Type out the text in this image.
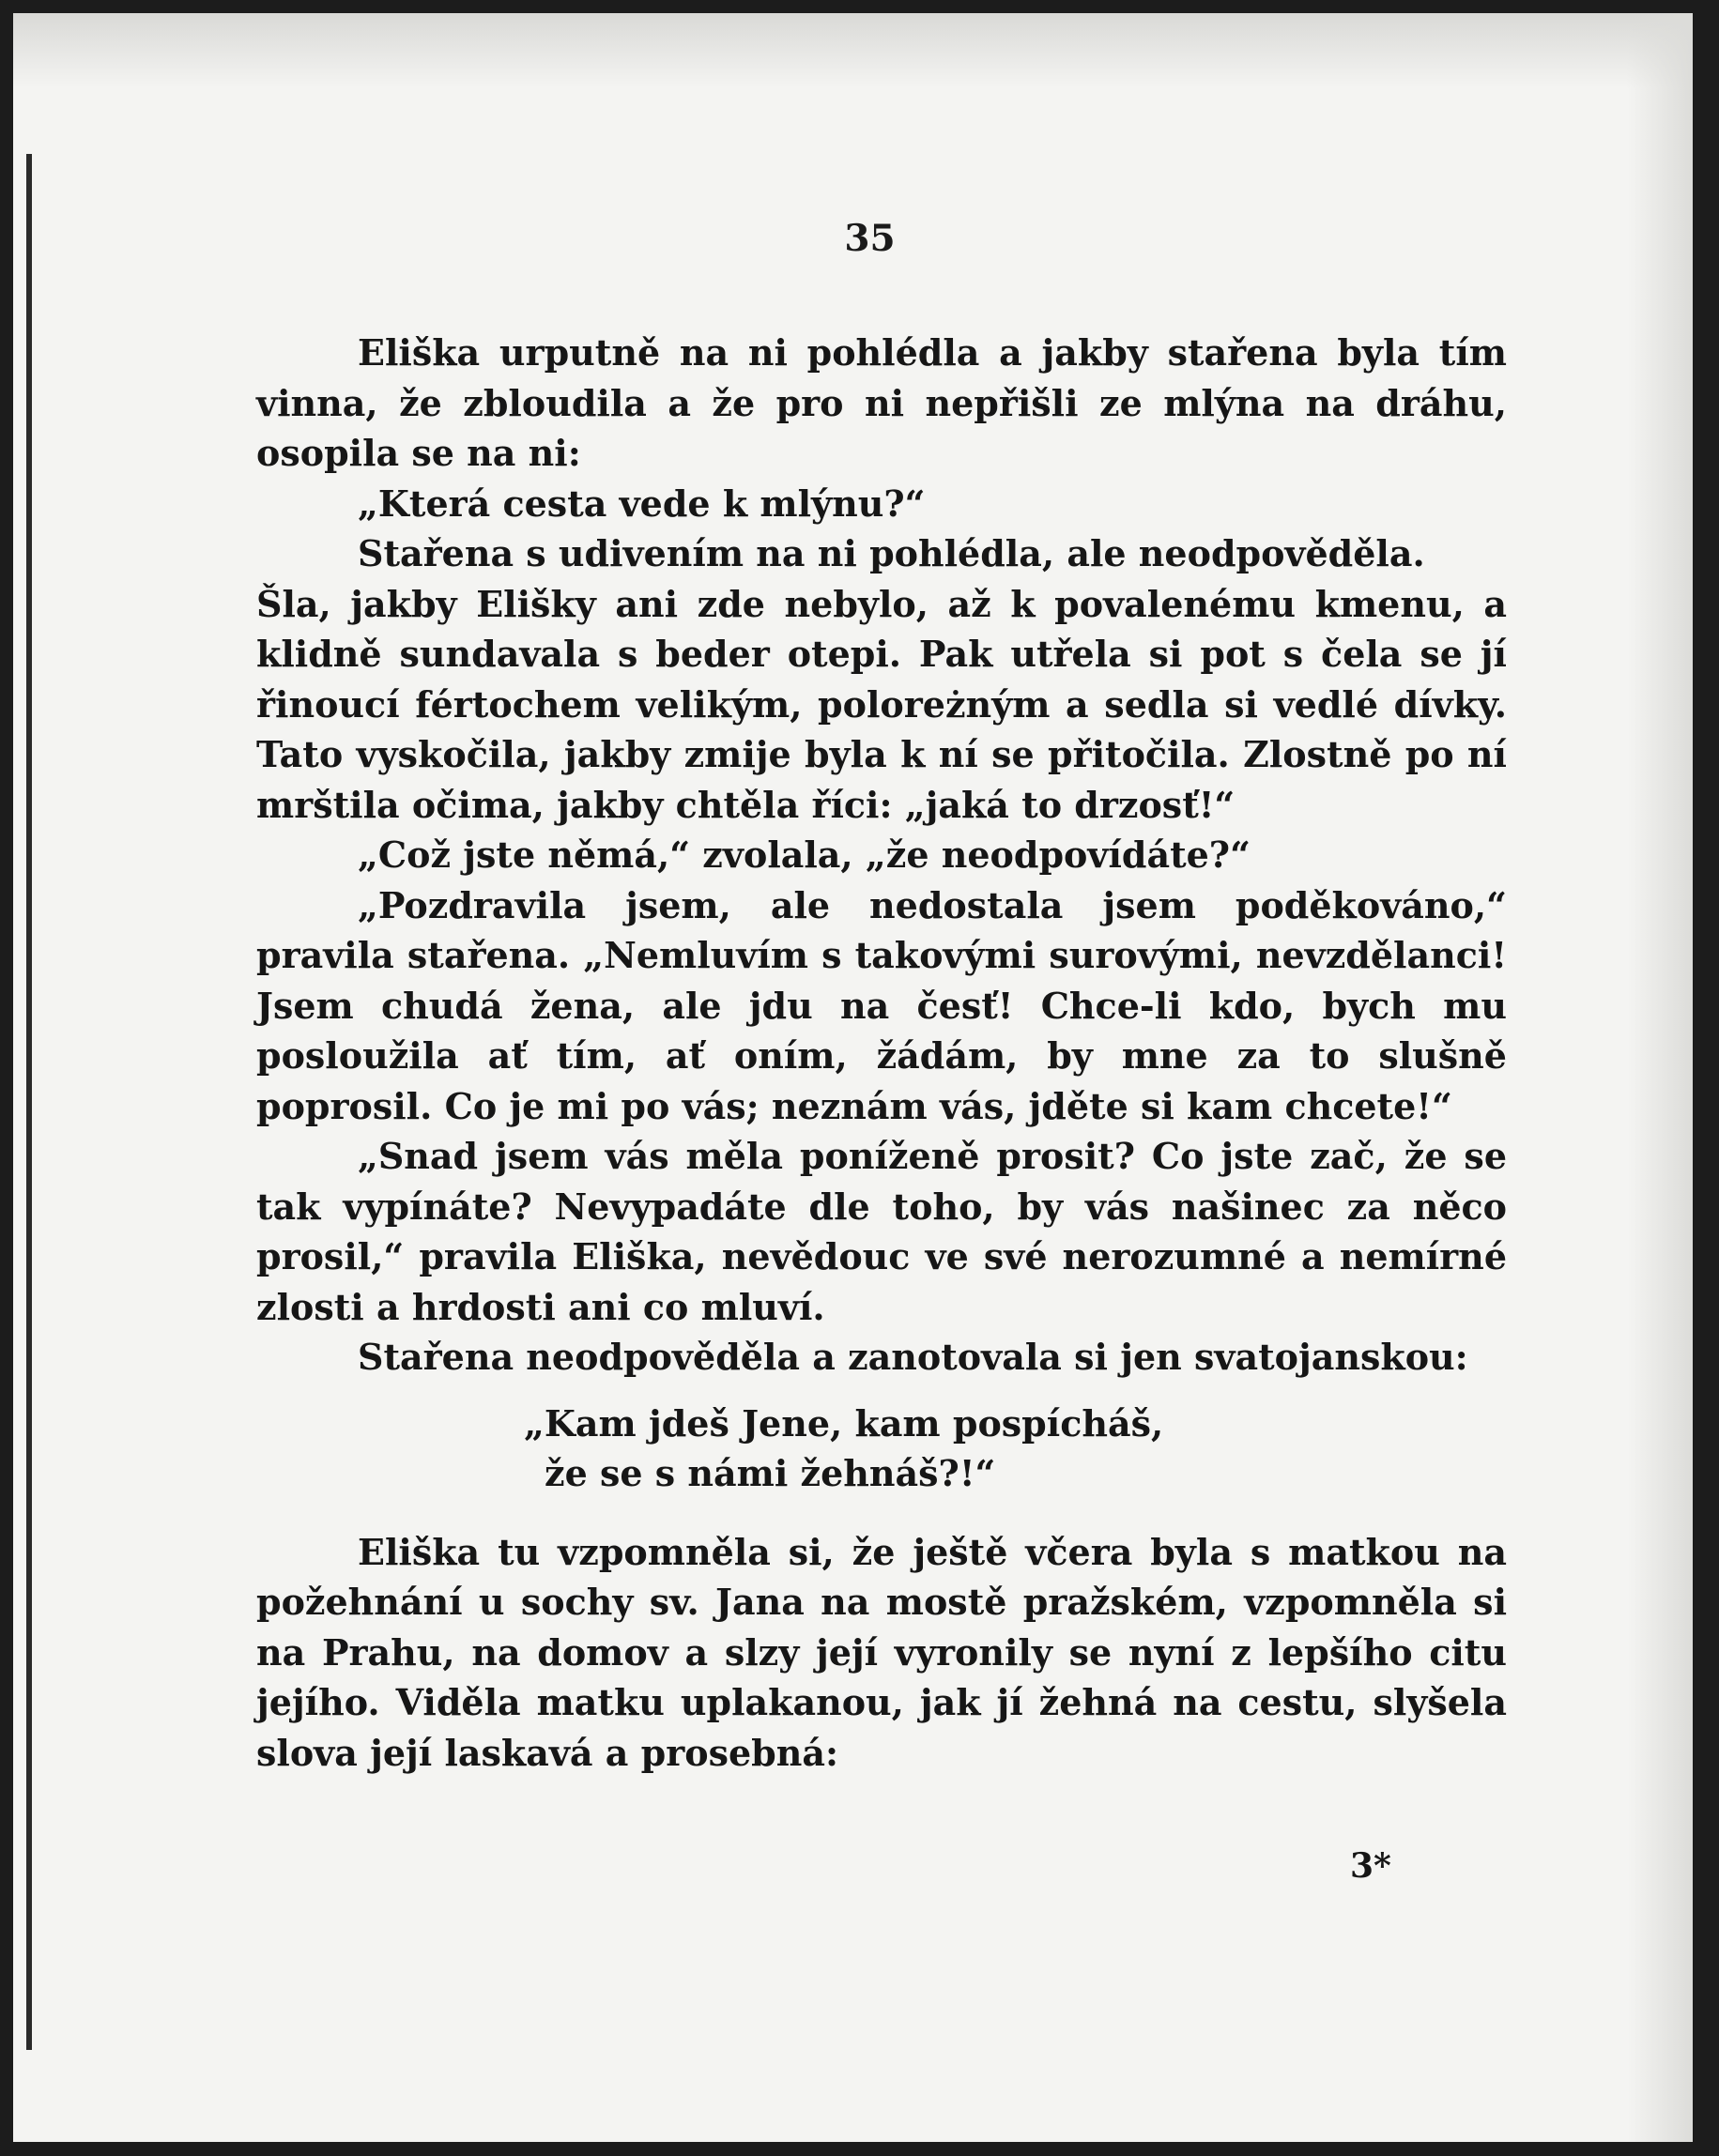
35

Eliška urputně na ni pohlédla a jakby stařena byla tím vinna, že zbloudila a že pro ni nepřišli ze mlýna na dráhu, osopila se na ni:

„Která cesta vede k mlýnu?“

Stařena s udivením na ni pohlédla, ale neodpověděla.

Šla, jakby Elišky ani zde nebylo, až k povalenému kmenu, a klidně sundavala s beder otepi. Pak utřela si pot s čela se jí řinoucí fértochem velikým, poloreżným a sedla si vedlé dívky. Tato vyskočila, jakby zmije byla k ní se přitočila. Zlostně po ní mrštila očima, jakby chtěla říci: „jaká to drzosť!“

„Což jste němá,“ zvolala, „že neodpovídáte?“

„Pozdravila jsem, ale nedostala jsem poděkováno,“ pravila stařena. „Nemluvím s takovými surovými, nevzdělanci! Jsem chudá žena, ale jdu na česť! Chce-li kdo, bych mu posloužila ať tím, ať oním, žádám, by mne za to slušně poprosil. Co je mi po vás; neznám vás, jděte si kam chcete!“

„Snad jsem vás měla poníženě prosit? Co jste zač, že se tak vypínáte? Nevypadáte dle toho, by vás našinec za něco prosil,“ pravila Eliška, nevědouc ve své nerozumné a nemírné zlosti a hrdosti ani co mluví.

Stařena neodpověděla a zanotovala si jen svatojanskou:

„Kam jdeš Jene, kam pospícháš,
že se s námi žehnáš?!“

Eliška tu vzpomněla si, že ještě včera byla s matkou na požehnání u sochy sv. Jana na mostě pražském, vzpomněla si na Prahu, na domov a slzy její vyronily se nyní z lepšího citu jejího. Viděla matku uplakanou, jak jí žehná na cestu, slyšela slova její laskavá a prosebná:

3*
